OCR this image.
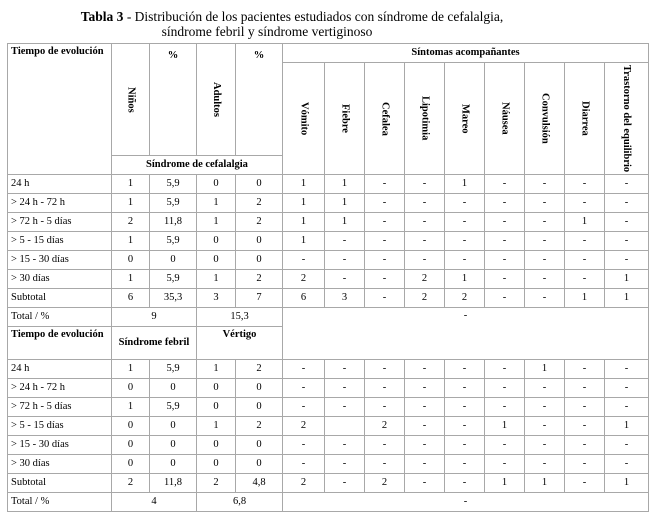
Tabla 3 - Distribución de los pacientes estudiados con síndrome de cefalalgia,
síndrome febril y síndrome vertiginoso
Tiempo de evolución	Niños	%	Adultos	%	Síntomas acompañantes								

					Vómito	Fiebre	Cefalea	Lipotimia	Mareo	Náusea	Convulsión	Diarrea	Trastorno del equilibrio

	Síndrome de cefalalgia												
24 h	1	5,9	0	0	1	1	-	-	1	-	-	-	-
> 24 h - 72 h	1	5,9	1	2	1	1	-	-	-	-	-	-	-
> 72 h - 5 días	2	11,8	1	2	1	1	-	-	-	-	-	1	-
> 5 - 15 días	1	5,9	0	0	1	-	-	-	-	-	-	-	-
> 15 - 30 días	0	0	0	0	-	-	-	-	-	-	-	-	-
> 30 días	1	5,9	1	2	2	-	-	2	1	-	-	-	1
Subtotal	6	35,3	3	7	6	3	-	2	2	-	-	1	1
Total / %	9		15,3		-								
Tiempo de evolución	Síndrome febril		Vértigo										
24 h	1	5,9	1	2	-	-	-	-	-	-	1	-	-
> 24 h - 72 h	0	0	0	0	-	-	-	-	-	-	-	-	-
> 72 h - 5 días	1	5,9	0	0	-	-	-	-	-	-	-	-	-
> 5 - 15 días	0	0	1	2	2		2	-	-	1	-	-	1
> 15 - 30 días	0	0	0	0	-	-	-	-	-	-	-	-	-
> 30 días	0	0	0	0	-	-	-	-	-	-	-	-	-
Subtotal	2	11,8	2	4,8	2	-	2	-	-	1	1	-	1
Total / %	4		6,8		-								
